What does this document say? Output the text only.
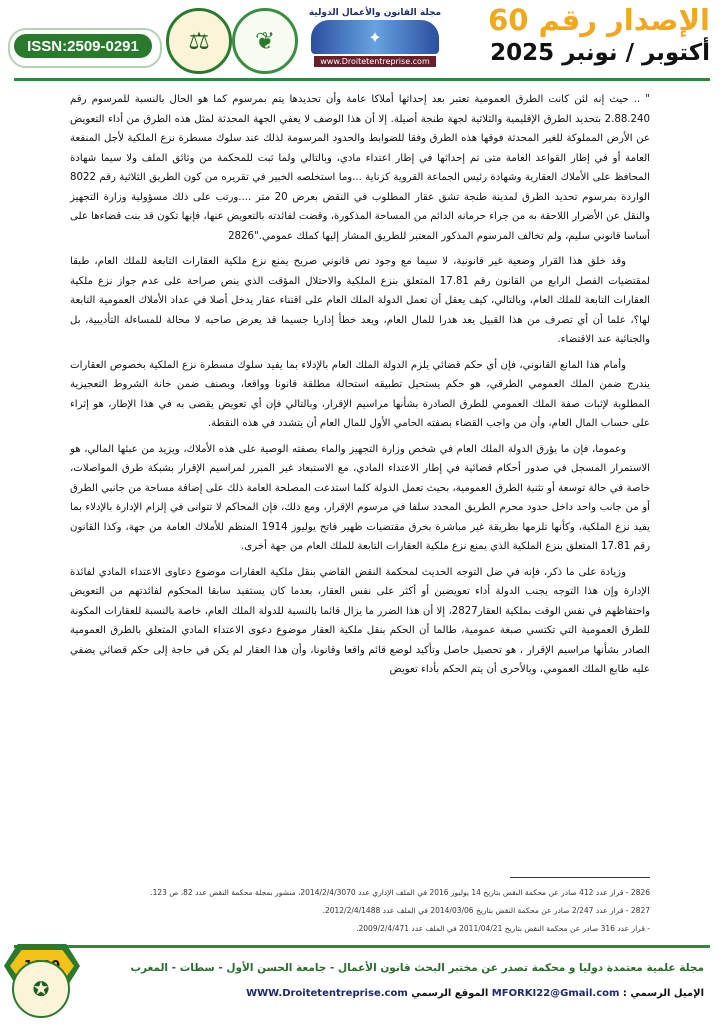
الإصدار رقم 60
أكتوبر / نونبر 2025
⚖	❦
مجلة القانون والأعمال الدولية
✦
www.Droitetentreprise.com
ISSN:2509-0291

" .. حيث إنه لئن كانت الطرق العمومية تعتبر بعد إحداثها أملاكا عامة وأن تحديدها يتم بمرسوم كما هو الحال بالنسبة للمرسوم رقم 2.88.240 بتحديد الطرق الإقليمية والثلاثية لجهة طنجة أصيلة. إلا أن هذا الوصف لا يعفي الجهة المحدثة لمثل هذه الطرق من أداء التعويض عن الأرض المملوكة للغير المحدثة فوقها هذه الطرق وفقا للضوابط والحدود المرسومة لذلك عند سلوك مسطرة نزع الملكية لأجل المنفعة العامة أو في إطار القواعد العامة متى تم إحداثها في إطار اعتداء مادي، وبالتالي ولما ثبت للمحكمة من وثائق الملف ولا سيما شهادة المحافظ على الأملاك العقارية وشهادة رئيس الجماعة القروية كزناية ...وما استخلصه الخبير في تقريره من كون الطريق الثلاثية رقم 8022 الواردة بمرسوم تحديد الطرق لمدينة طنجة تشق عقار المطلوب في النقض بعرض 20 متر ....ورتب على ذلك مسؤولية وزارة التجهيز والنقل عن الأضرار اللاحقة به من جراء حرمانه الدائم من المساحة المذكورة، وقضت لفائدته بالتعويض عنها، فإنها تكون قد بنت قضاءها على أساسا قانوني سليم، ولم تخالف المرسوم المذكور المعتبر للطريق المشار إليها كملك عمومي."2826

وقد خلق هذا القرار وضعية غير قانونية، لا سيما مع وجود نص قانوني صريح يمنع نزع ملكية العقارات التابعة للملك العام، طبقا لمقتضيات الفصل الرابع من القانون رقم 17.81 المتعلق بنزع الملكية والاحتلال المؤقت الذي ينص صراحة على عدم جواز نزع ملكية العقارات التابعة للملك العام، وبالتالي، كيف يعقل أن تعمل الدولة الملك العام على اقتناء عقار يدخل أصلا في عداد الأملاك العمومية التابعة لها؟، علما أن أي تصرف من هذا القبيل يعد هدرا للمال العام، ويعد خطأ إداريا جسيما قد يعرض صاحبه لا محالة للمساءلة التأديبية، بل والجنائية عند الاقتضاء.

وأمام هذا المانع القانوني، فإن أي حكم قضائي يلزم الدولة الملك العام بالإدلاء بما يفيد سلوك مسطرة نزع الملكية بخصوص العقارات يندرج ضمن الملك العمومي الطرقي، هو حكم يستحيل تطبيقه استحالة مطلقة قانونا وواقعا، ويصنف ضمن خانة الشروط التعجيزية المطلوبة لإثبات صفة الملك العمومي للطرق الصادرة بشأنها مراسيم الإقرار، وبالتالي فإن أي تعويض يقضى به في هذا الإطار، هو إثراء على حساب المال العام، وأن من واجب القضاء بصفته الحامي الأول للمال العام أن يتشدد في هذه النقطة.

وعموما، فإن ما يؤرق الدولة الملك العام في شخص وزارة التجهيز والماء بصفته الوصية على هذه الأملاك، ويزيد من عبئها المالي، هو الاستمرار المسجل في صدور أحكام قضائية في إطار الاعتداء المادي، مع الاستبعاد غير المبرر لمراسيم الإقرار بشبكة طرق المواصلات، خاصة في حالة توسعة أو تثنية الطرق العمومية، بحيث تعمل الدولة كلما استدعت المصلحة العامة ذلك على إضافة مساحة من جانبي الطرق أو من جانب واحد داخل حدود محرم الطريق المحدد سلفا في مرسوم الإقرار، ومع ذلك، فإن المحاكم لا تتوانى في إلزام الإدارة بالإدلاء بما يفيد نزع الملكية، وكأنها تلزمها بطريقة غير مباشرة بخرق مقتضيات ظهير فاتح يوليوز 1914 المنظم للأملاك العامة من جهة، وكذا القانون رقم 17.81 المتعلق بنزع الملكية الذي يمنع نزع ملكية العقارات التابعة للملك العام من جهة أخرى.

وزيادة على ما ذكر، فإنه في ضل التوجه الحديث لمحكمة النقض القاضي بنقل ملكية العقارات موضوع دعاوى الاعتداء المادي لفائدة الإدارة وإن هذا التوجه يجنب الدولة أداء تعويضين أو أكثر على نفس العقار، بعدما كان يستفيد سابقا المحكوم لفائدتهم من التعويض واحتفاظهم في نفس الوقت بملكية العقار2827، إلا أن هذا الضرر ما يزال قائما بالنسبة للدولة الملك العام، خاصة بالنسبة للعقارات المكونة للطرق العمومية التي تكتسي صبغة عمومية، طالما أن الحكم بنقل ملكية العقار موضوع دعوى الاعتداء المادي المتعلق بالطرق العمومية الصادر بشأنها مراسيم الإقرار ، هو تحصيل حاصل وتأكيد لوضع قائم واقعا وقانونا، وأن هذا العقار لم يكن في حاجة إلى حكم قضائي يضفي عليه طابع الملك العمومي، وبالأحرى أن يتم الحكم بأداء تعويض

2826 - قرار عدد 412 صادر عن محكمة النقض بتاريخ 14 يوليوز 2016 في الملف الإداري عدد 2014/2/4/3070، منشور بمجلة محكمة النقض عدد 82، ص 123.
2827 - قرار عدد 2/247 صادر عن محكمة النقض بتاريخ 2014/03/06 في الملف عدد 2012/2/4/1488.
- قرار عدد 316 صادر عن محكمة النقض بتاريخ 2011/04/21 في الملف عدد 2009/2/4/471.
✪
مجلة علمية معتمدة دوليا و محكمة تصدر عن مختبر البحث قانون الأعمال - جامعة الحسن الأول - سطات - المغرب
الإميل الرسمي : MFORKI22@Gmail.com الموقع الرسمي WWW.Droitetentreprise.com
